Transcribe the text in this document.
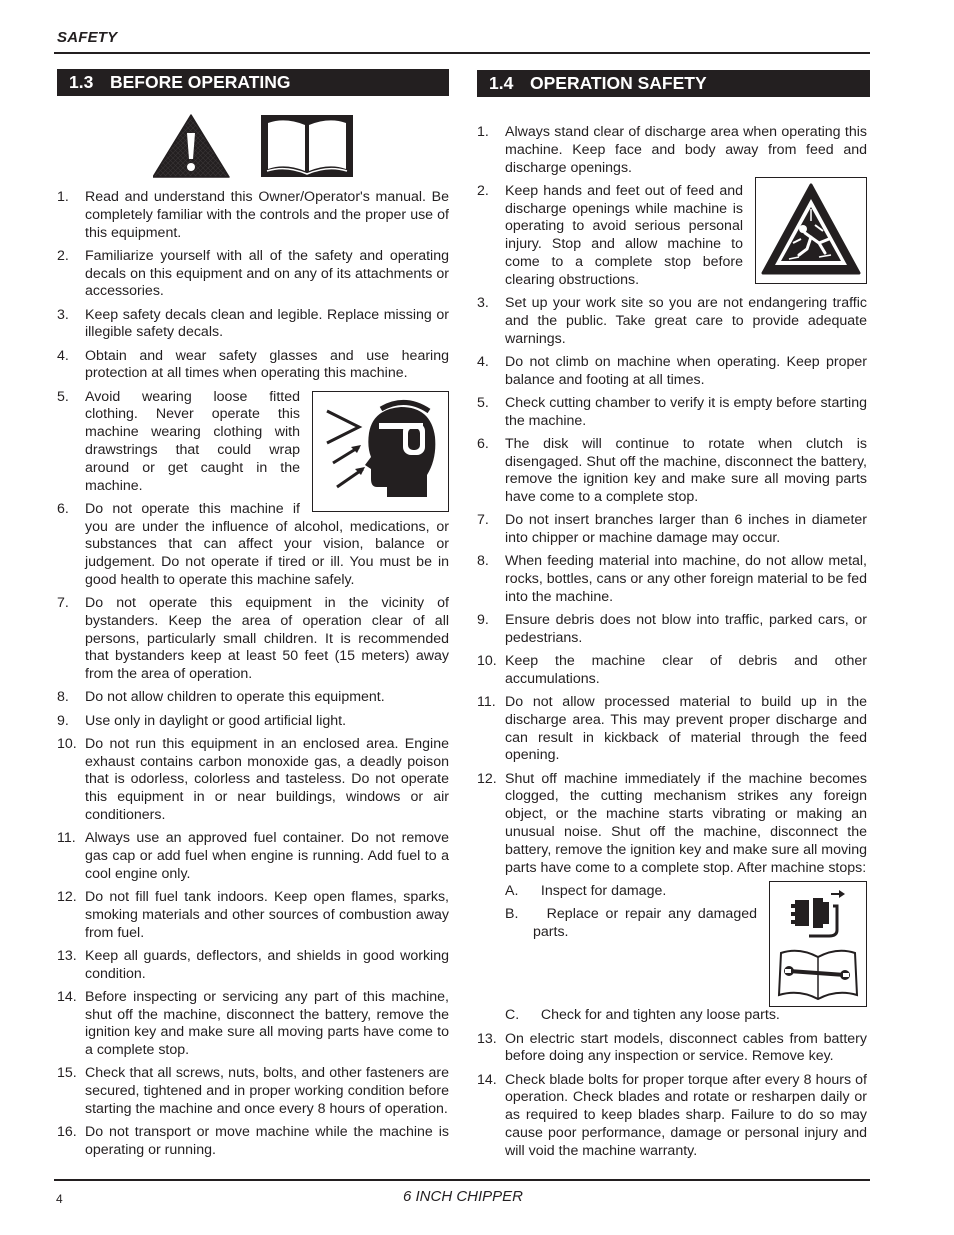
SAFETY
1.3 BEFORE OPERATING
1. Read and understand this Owner/Operator's manual. Be completely familiar with the controls and the proper use of this equipment.
2. Familiarize yourself with all of the safety and operating decals on this equipment and on any of its attachments or accessories.
3. Keep safety decals clean and legible. Replace missing or illegible safety decals.
4. Obtain and wear safety glasses and use hearing protection at all times when operating this machine.
5. Avoid wearing loose fitted clothing. Never operate this machine wearing clothing with drawstrings that could wrap around or get caught in the machine.
6. Do not operate this machine if you are under the influence of alcohol, medications, or substances that can affect your vision, balance or judgement. Do not operate if tired or ill. You must be in good health to operate this machine safely.
7. Do not operate this equipment in the vicinity of bystanders. Keep the area of operation clear of all persons, particularly small children. It is recommended that bystanders keep at least 50 feet (15 meters) away from the area of operation.
8. Do not allow children to operate this equipment.
9. Use only in daylight or good artificial light.
10. Do not run this equipment in an enclosed area. Engine exhaust contains carbon monoxide gas, a deadly poison that is odorless, colorless and tasteless. Do not operate this equipment in or near buildings, windows or air conditioners.
11. Always use an approved fuel container. Do not remove gas cap or add fuel when engine is running. Add fuel to a cool engine only.
12. Do not fill fuel tank indoors. Keep open flames, sparks, smoking materials and other sources of combustion away from fuel.
13. Keep all guards, deflectors, and shields in good working condition.
14. Before inspecting or servicing any part of this machine, shut off the machine, disconnect the battery, remove the ignition key and make sure all moving parts have come to a complete stop.
15. Check that all screws, nuts, bolts, and other fasteners are secured, tightened and in proper working condition before starting the machine and once every 8 hours of operation.
16. Do not transport or move machine while the machine is operating or running.
1.4 OPERATION SAFETY
1. Always stand clear of discharge area when operating this machine. Keep face and body away from feed and discharge openings.
2. Keep hands and feet out of feed and discharge openings while machine is operating to avoid serious personal injury. Stop and allow machine to come to a complete stop before clearing obstructions.
3. Set up your work site so you are not endangering traffic and the public. Take great care to provide adequate warnings.
4. Do not climb on machine when operating. Keep proper balance and footing at all times.
5. Check cutting chamber to verify it is empty before starting the machine.
6. The disk will continue to rotate when clutch is disengaged. Shut off the machine, disconnect the battery, remove the ignition key and make sure all moving parts have come to a complete stop.
7. Do not insert branches larger than 6 inches in diameter into chipper or machine damage may occur.
8. When feeding material into machine, do not allow metal, rocks, bottles, cans or any other foreign material to be fed into the machine.
9. Ensure debris does not blow into traffic, parked cars, or pedestrians.
10. Keep the machine clear of debris and other accumulations.
11. Do not allow processed material to build up in the discharge area. This may prevent proper discharge and can result in kickback of material through the feed opening.
12. Shut off machine immediately if the machine becomes clogged, the cutting mechanism strikes any foreign object, or the machine starts vibrating or making an unusual noise. Shut off the machine, disconnect the battery, remove the ignition key and make sure all moving parts have come to a complete stop. After machine stops:
A. Inspect for damage.
B. Replace or repair any damaged parts.
C. Check for and tighten any loose parts.
13. On electric start models, disconnect cables from battery before doing any inspection or service. Remove key.
14. Check blade bolts for proper torque after every 8 hours of operation. Check blades and rotate or resharpen daily or as required to keep blades sharp. Failure to do so may cause poor performance, damage or personal injury and will void the machine warranty.
4	6 INCH CHIPPER
